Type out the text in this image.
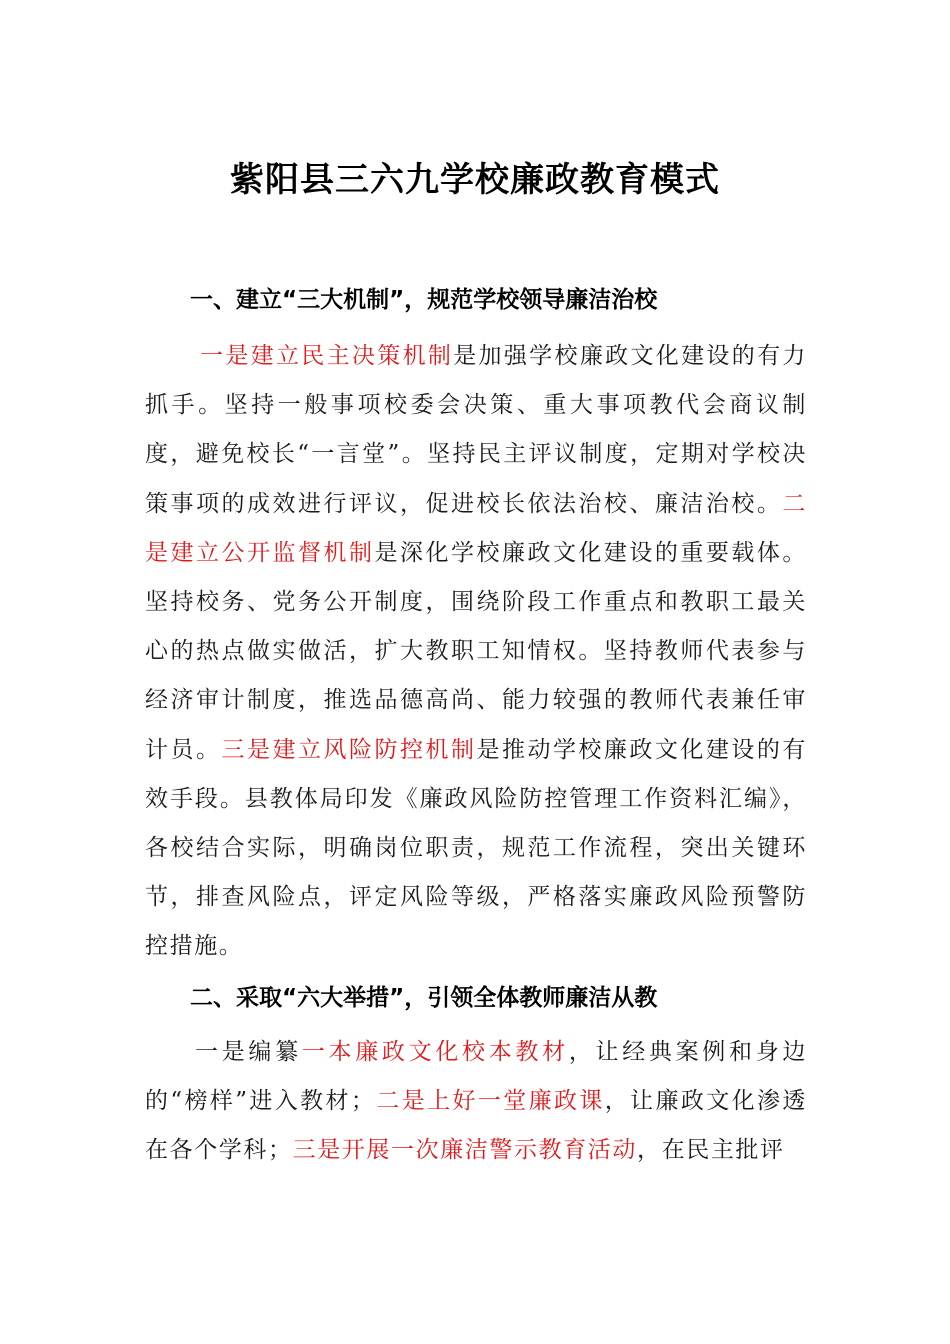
紫阳县三六九学校廉政教育模式
一、建立“三大机制”，规范学校领导廉洁治校
一是建立民主决策机制是加强学校廉政文化建设的有力抓手。坚持一般事项校委会决策、重大事项教代会商议制度，避免校长“一言堂”。坚持民主评议制度，定期对学校决策事项的成效进行评议，促进校长依法治校、廉洁治校。二是建立公开监督机制是深化学校廉政文化建设的重要载体。坚持校务、党务公开制度，围绕阶段工作重点和教职工最关心的热点做实做活，扩大教职工知情权。坚持教师代表参与经济审计制度，推选品德高尚、能力较强的教师代表兼任审计员。三是建立风险防控机制是推动学校廉政文化建设的有效手段。县教体局印发《廉政风险防控管理工作资料汇编》，各校结合实际，明确岗位职责，规范工作流程，突出关键环节，排查风险点，评定风险等级，严格落实廉政风险预警防控措施。
二、采取“六大举措”，引领全体教师廉洁从教
一是编纂一本廉政文化校本教材，让经典案例和身边的“榜样”进入教材；二是上好一堂廉政课，让廉政文化渗透在各个学科；三是开展一次廉洁警示教育活动，在民主批评
